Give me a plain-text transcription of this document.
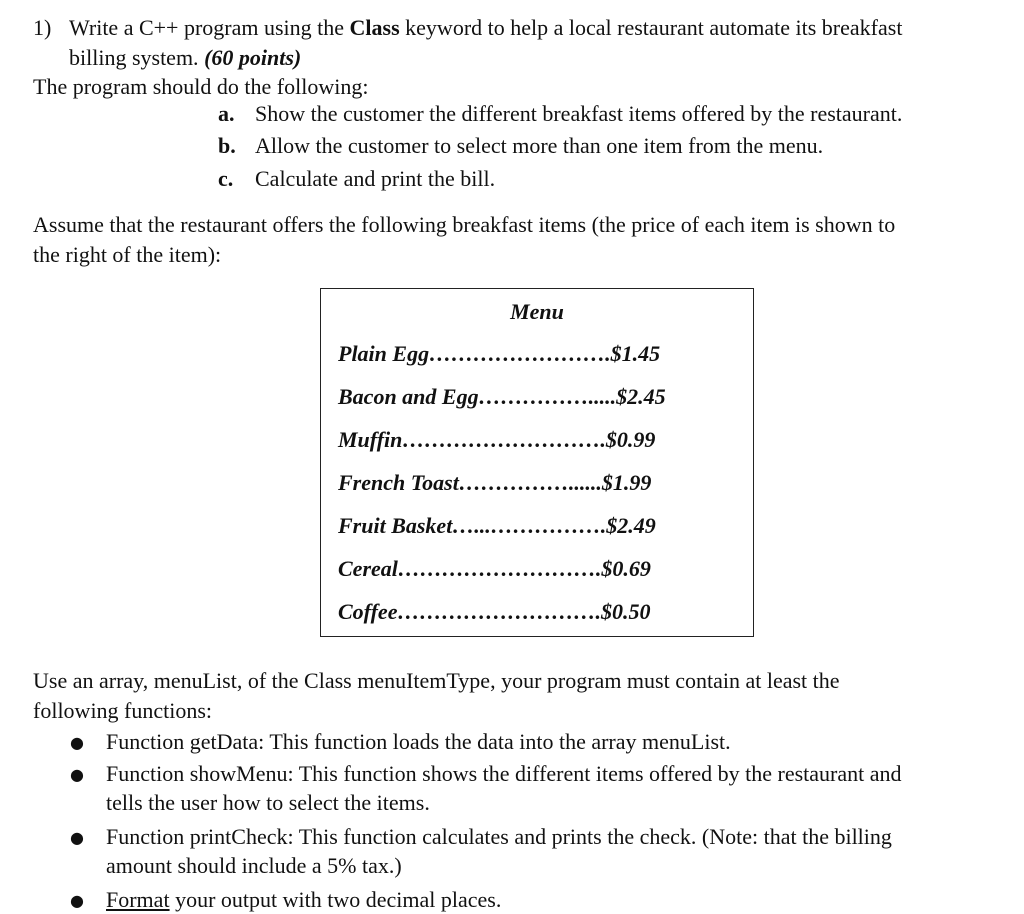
1) Write a C++ program using the Class keyword to help a local restaurant automate its breakfast
billing system. (60 points)
The program should do the following:
a. Show the customer the different breakfast items offered by the restaurant.
b. Allow the customer to select more than one item from the menu.
c. Calculate and print the bill.
Assume that the restaurant offers the following breakfast items (the price of each item is shown to
the right of the item):
Menu
Plain Egg…………………….$1.45
Bacon and Egg…………….....$2.45
Muffin……………………….$0.99
French Toast……………......$1.99
Fruit Basket…...…………….$2.49
Cereal……………………….$0.69
Coffee……………………….$0.50
Use an array, menuList, of the Class menuItemType, your program must contain at least the
following functions:
● Function getData: This function loads the data into the array menuList.
● Function showMenu: This function shows the different items offered by the restaurant and
tells the user how to select the items.
● Function printCheck: This function calculates and prints the check. (Note: that the billing
amount should include a 5% tax.)
● Format your output with two decimal places.
